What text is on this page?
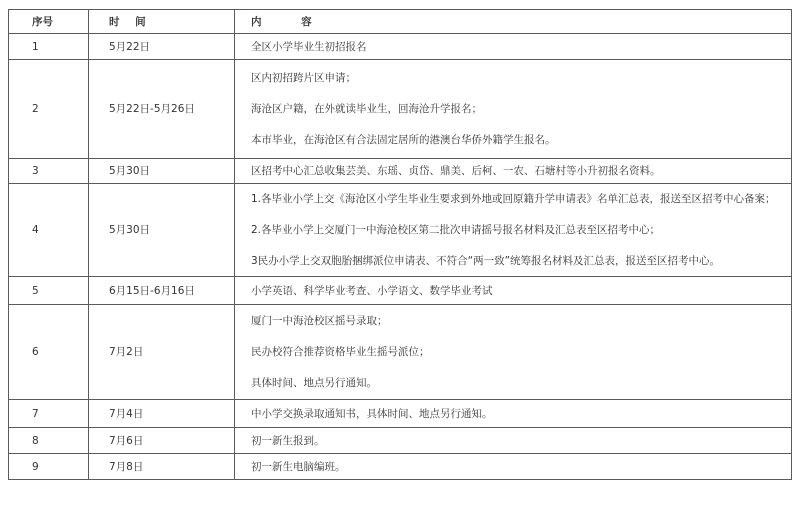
序号	时 间	内 容
1	5月22日	全区小学毕业生初招报名

2	5月22日-5月26日	区内初招跨片区申请；
海沧区户籍，在外就读毕业生，回海沧升学报名；
本市毕业，在海沧区有合法固定居所的港澳台华侨外籍学生报名。

3	5月30日	区招考中心汇总收集芸美、东瑶、贞岱、鼎美、后柯、一农、石塘村等小升初报名资料。

4	5月30日	1.各毕业小学上交《海沧区小学生毕业生要求到外地或回原籍升学申请表》名单汇总表，报送至区招考中心备案；
2.各毕业小学上交厦门一中海沧校区第二批次申请摇号报名材料及汇总表至区招考中心；
3民办小学上交双胞胎捆绑派位申请表、不符合“两一致”统筹报名材料及汇总表，报送至区招考中心。

5	6月15日-6月16日	小学英语、科学毕业考查、小学语文、数学毕业考试

6	7月2日	厦门一中海沧校区摇号录取；
民办校符合推荐资格毕业生摇号派位；
具体时间、地点另行通知。

7	7月4日	中小学交换录取通知书，具体时间、地点另行通知。

8	7月6日	初一新生报到。

9	7月8日	初一新生电脑编班。
